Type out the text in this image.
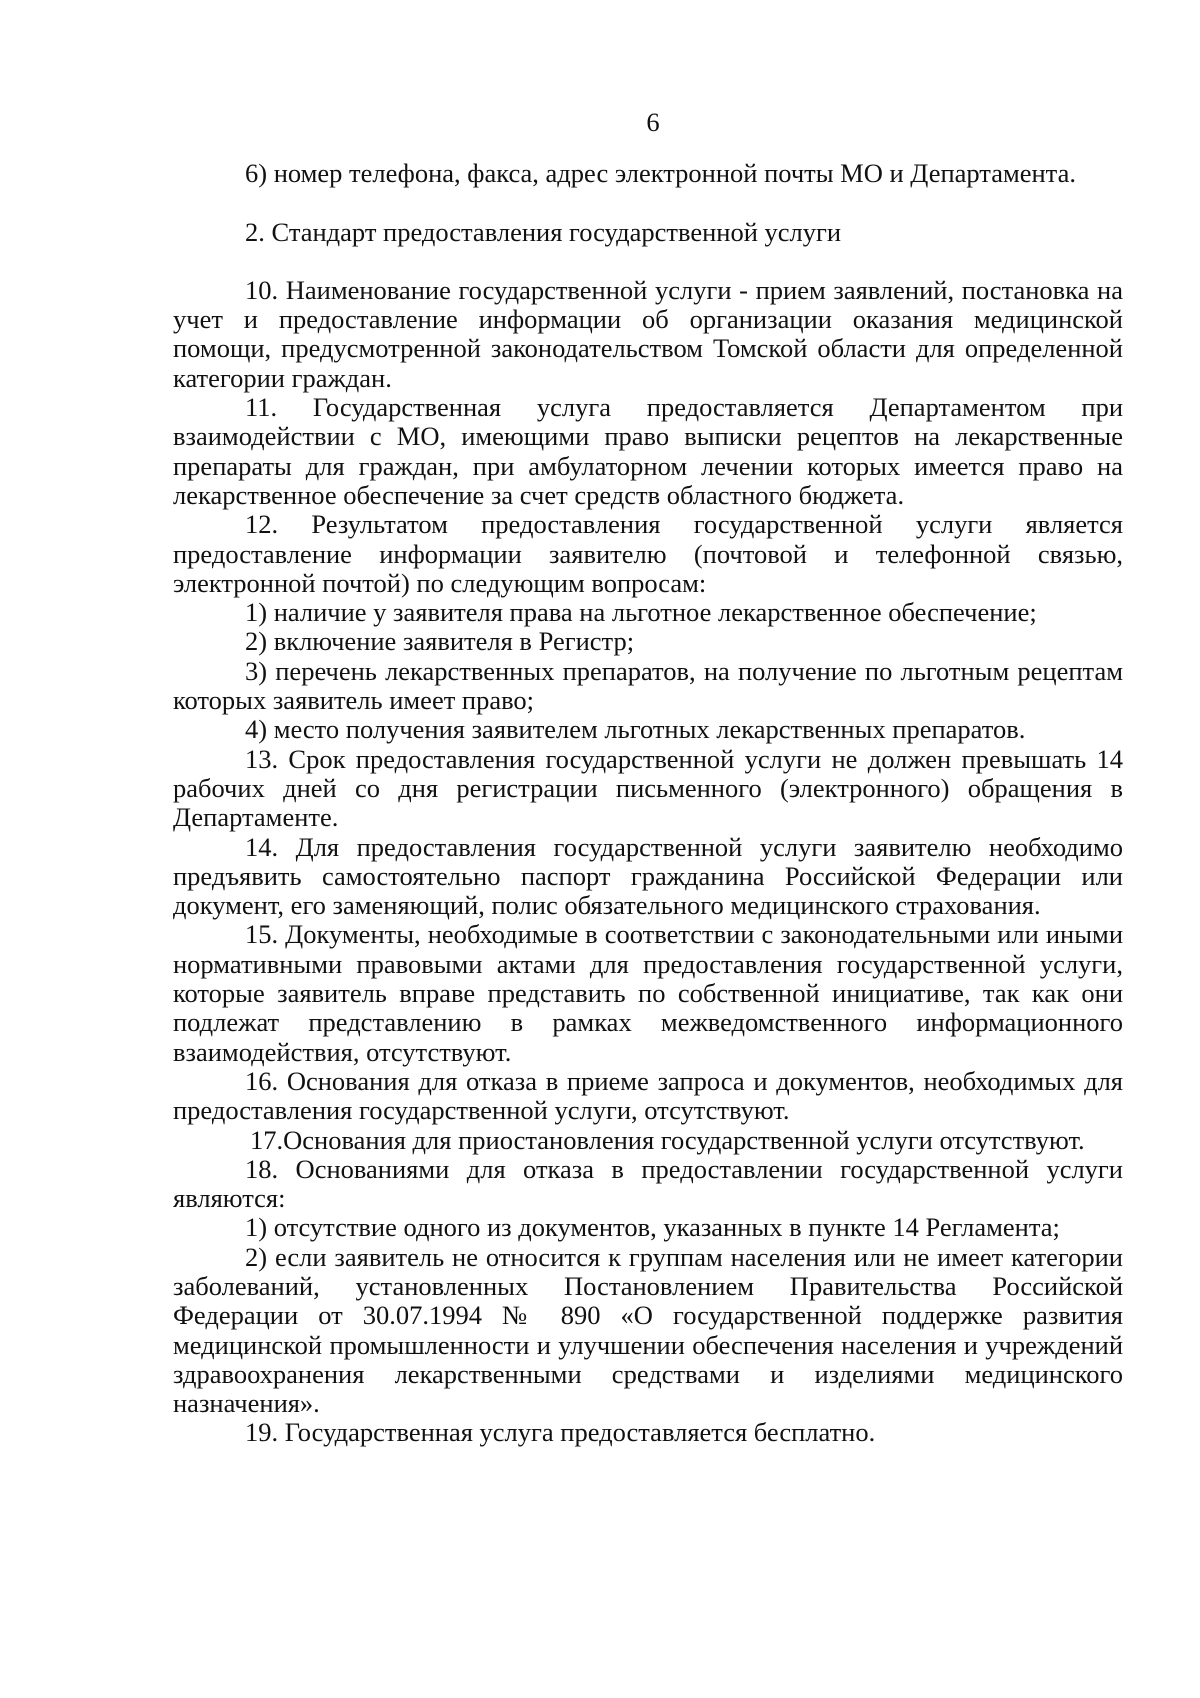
6

6) номер телефона, факса, адрес электронной почты МО и Департамента.

2. Стандарт предоставления государственной услуги

10. Наименование государственной услуги - прием заявлений, постановка на учет и предоставление информации об организации оказания медицинской помощи, предусмотренной законодательством Томской области для определенной категории граждан.

11. Государственная услуга предоставляется Департаментом при взаимодействии с МО, имеющими право выписки рецептов на лекарственные препараты для граждан, при амбулаторном лечении которых имеется право на лекарственное обеспечение за счет средств областного бюджета.

12. Результатом предоставления государственной услуги является предоставление информации заявителю (почтовой и телефонной связью, электронной почтой) по следующим вопросам:

1) наличие у заявителя права на льготное лекарственное обеспечение;

2) включение заявителя в Регистр;

3) перечень лекарственных препаратов, на получение по льготным рецептам которых заявитель имеет право;

4) место получения заявителем льготных лекарственных препаратов.

13. Срок предоставления государственной услуги не должен превышать 14 рабочих дней со дня регистрации письменного (электронного) обращения в Департаменте.

14. Для предоставления государственной услуги заявителю необходимо предъявить самостоятельно паспорт гражданина Российской Федерации или документ, его заменяющий, полис обязательного медицинского страхования.

15. Документы, необходимые в соответствии с законодательными или иными нормативными правовыми актами для предоставления государственной услуги, которые заявитель вправе представить по собственной инициативе, так как они подлежат представлению в рамках межведомственного информационного взаимодействия, отсутствуют.

16. Основания для отказа в приеме запроса и документов, необходимых для предоставления государственной услуги, отсутствуют.

17.Основания для приостановления государственной услуги отсутствуют.

18. Основаниями для отказа в предоставлении государственной услуги являются:

1) отсутствие одного из документов, указанных в пункте 14 Регламента;

2) если заявитель не относится к группам населения или не имеет категории заболеваний, установленных Постановлением Правительства Российской Федерации от 30.07.1994 № 890 «О государственной поддержке развития медицинской промышленности и улучшении обеспечения населения и учреждений здравоохранения лекарственными средствами и изделиями медицинского назначения».

19. Государственная услуга предоставляется бесплатно.
